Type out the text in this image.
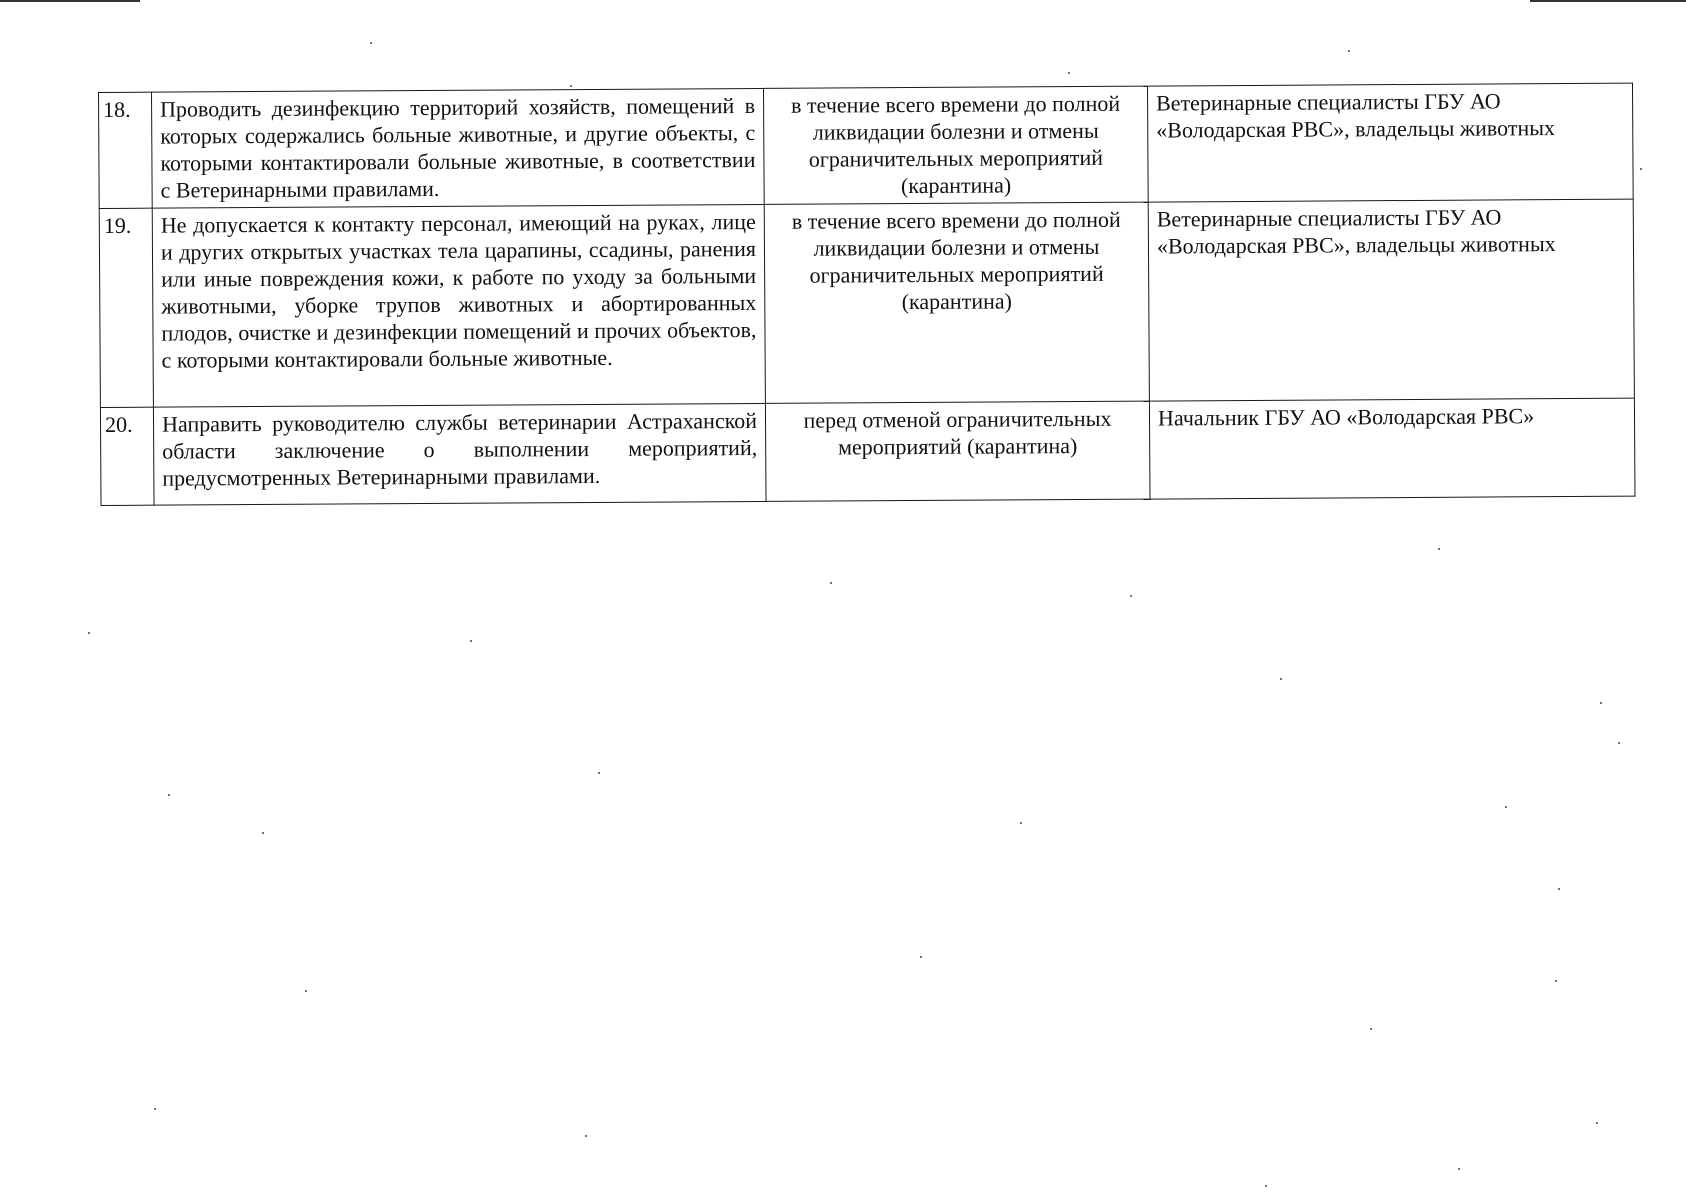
18.	Проводить дезинфекцию территорий хозяйств, помещений в которых содержались больные животные, и другие объекты, с которыми контактировали больные животные, в соответствии с Ветеринарными правилами.	в течение всего времени до полной ликвидации болезни и отмены ограничительных мероприятий (карантина)	Ветеринарные специалисты ГБУ АО «Володарская РВС», владельцы животных
19.	Не допускается к контакту персонал, имеющий на руках, лице и других открытых участках тела царапины, ссадины, ранения или иные повреждения кожи, к работе по уходу за больными животными, уборке трупов животных и абортированных плодов, очистке и дезинфекции помещений и прочих объектов, с которыми контактировали больные животные.	в течение всего времени до полной ликвидации болезни и отмены ограничительных мероприятий (карантина)	Ветеринарные специалисты ГБУ АО «Володарская РВС», владельцы животных
20.	Направить руководителю службы ветеринарии Астраханской области заключение о выполнении мероприятий, предусмотренных Ветеринарными правилами.	перед отменой ограничительных мероприятий (карантина)	Начальник ГБУ АО «Володарская РВС»
